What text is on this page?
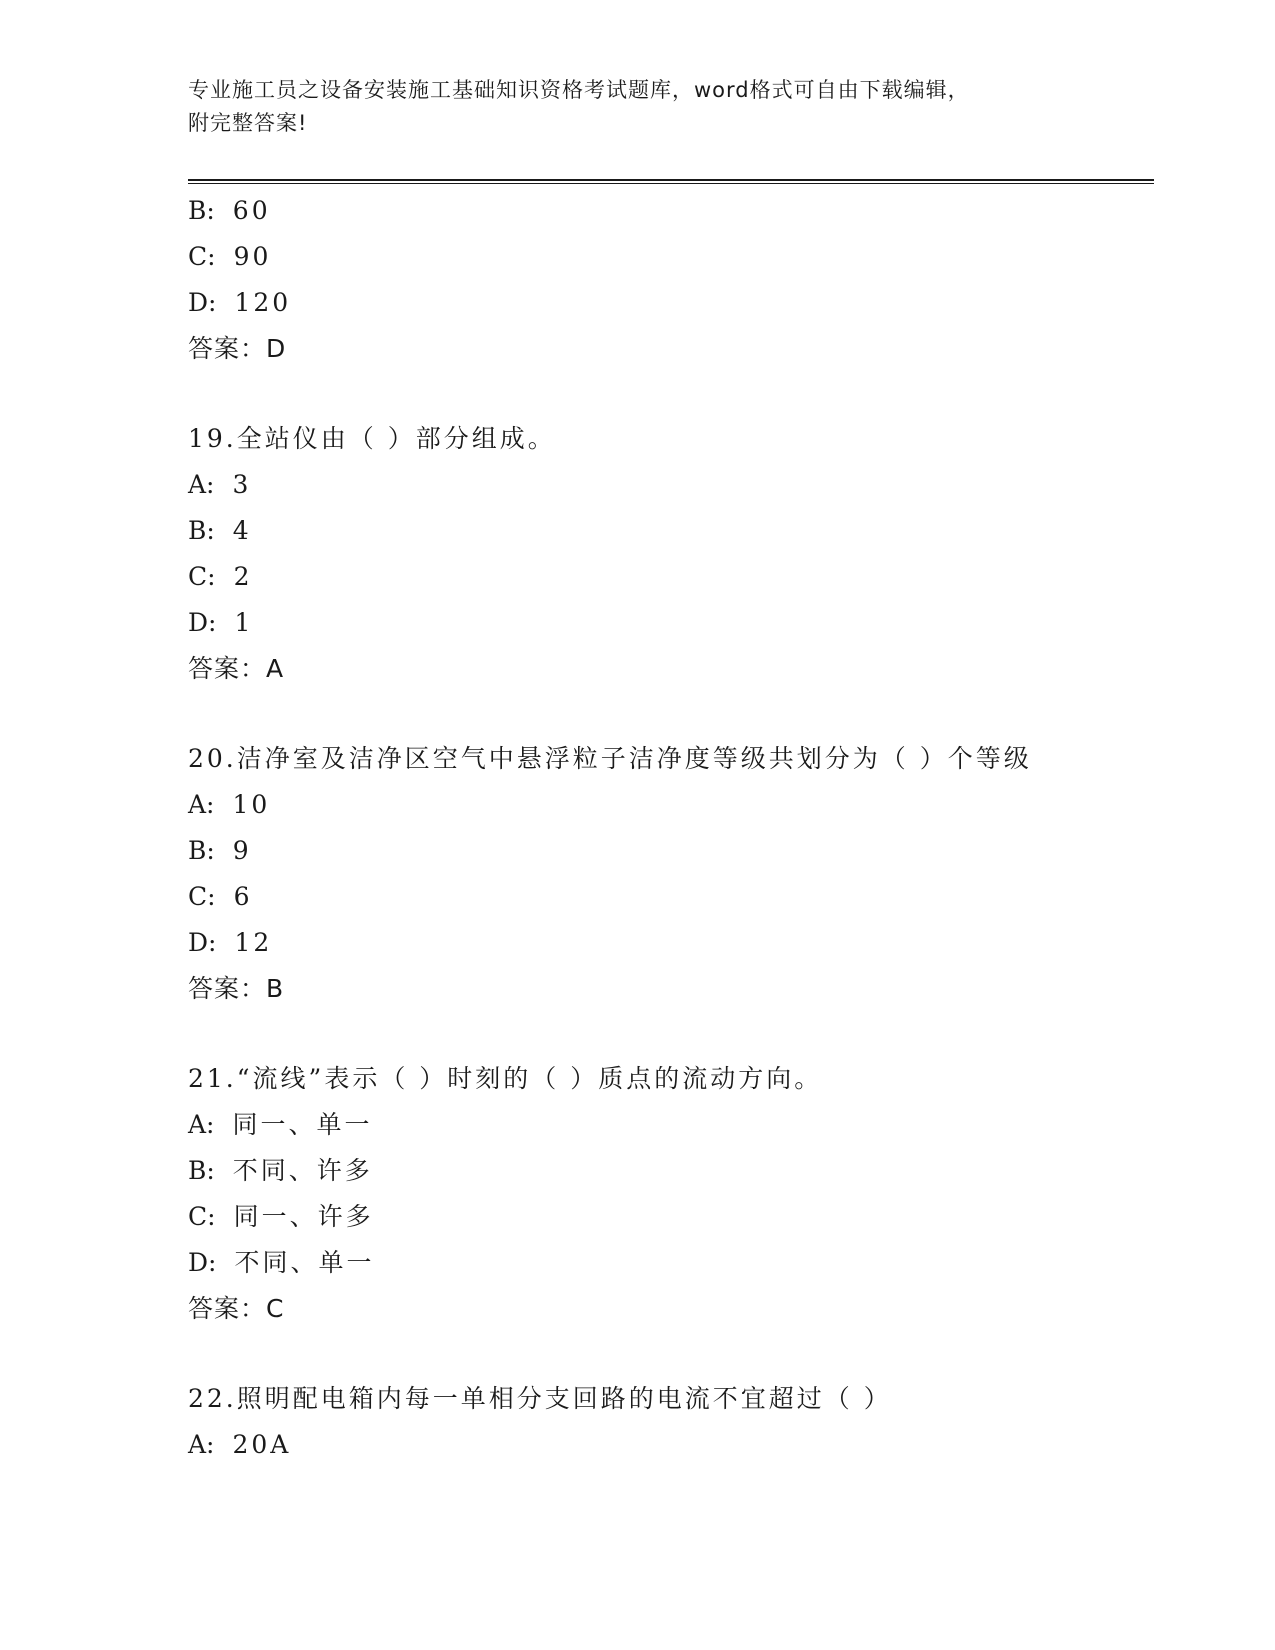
专业施工员之设备安装施工基础知识资格考试题库，word格式可自由下载编辑，
附完整答案!
B: 60
C: 90
D: 120
答案：D
19.全站仪由（ ）部分组成。
A: 3
B: 4
C: 2
D: 1
答案：A
20.洁净室及洁净区空气中悬浮粒子洁净度等级共划分为（ ）个等级
A: 10
B: 9
C: 6
D: 12
答案：B
21.“流线”表示（ ）时刻的（ ）质点的流动方向。
A: 同一、单一
B: 不同、许多
C: 同一、许多
D: 不同、单一
答案：C
22.照明配电箱内每一单相分支回路的电流不宜超过（ ）
A: 20A
